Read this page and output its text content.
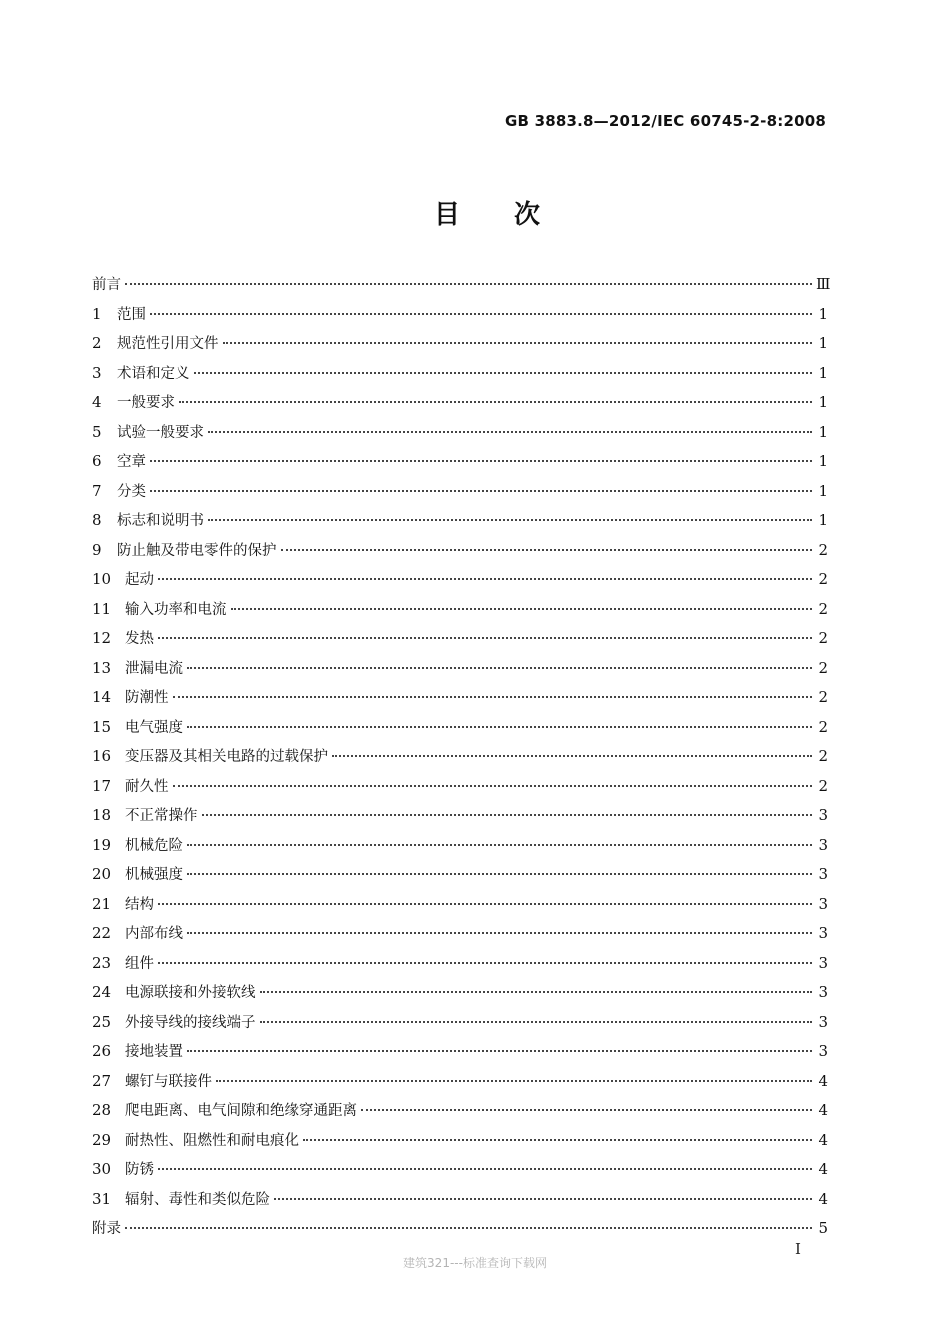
GB 3883.8—2012/IEC 60745-2-8:2008
目次
前言	Ⅲ
1	范围	1
2	规范性引用文件	1
3	术语和定义	1
4	一般要求	1
5	试验一般要求	1
6	空章	1
7	分类	1
8	标志和说明书	1
9	防止触及带电零件的保护	2
10 起动	2
11 输入功率和电流	2
12 发热	2
13 泄漏电流	2
14 防潮性	2
15 电气强度	2
16 变压器及其相关电路的过载保护	2
17 耐久性	2
18 不正常操作	3
19 机械危险	3
20 机械强度	3
21 结构	3
22 内部布线	3
23 组件	3
24 电源联接和外接软线	3
25 外接导线的接线端子	3
26 接地装置	3
27 螺钉与联接件	4
28 爬电距离、电气间隙和绝缘穿通距离	4
29 耐热性、阻燃性和耐电痕化	4
30 防锈	4
31 辐射、毒性和类似危险	4
附录	5
I
建筑321---标准查询下载网
